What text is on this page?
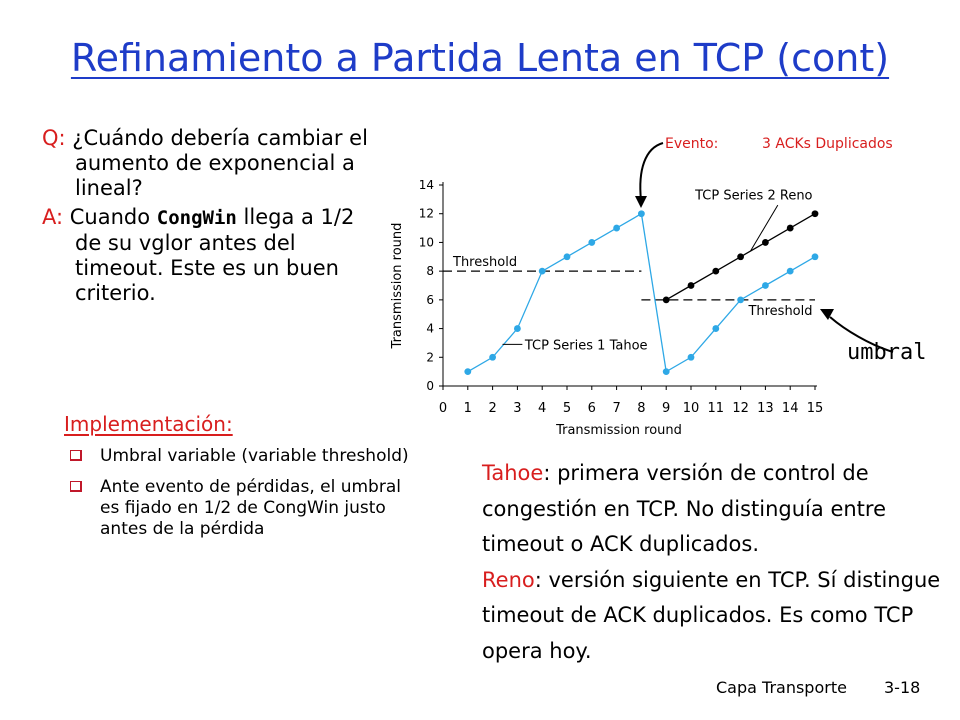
Refinamiento a Partida Lenta en TCP (cont)

Q: ¿Cuándo debería cambiar el aumento de exponencial a lineal?

A: Cuando CongWin llega a 1/2 de su vglor antes del timeout. Este es un buen criterio.

Implementación:
Umbral variable (variable threshold)
Ante evento de pérdidas, el umbral es fijado en 1/2 de CongWin justo antes de la pérdida
Tahoe: primera versión de control de congestión en TCP. No distinguía entre timeout o ACK duplicados.
Reno: versión siguiente en TCP. Sí distingue timeout de ACK duplicados. Es como TCP opera hoy.
umbral
Capa Transporte 3-18
0
2
4
6
8
10
12
14
0 1 2 3 4 5 6 7 8 9 10 11 12 13 14 15
Transmission round
Transmission round	Threshold
Threshold
TCP Series 1 Tahoe
TCP Series 2 Reno
Evento:	3 ACKs Duplicados
